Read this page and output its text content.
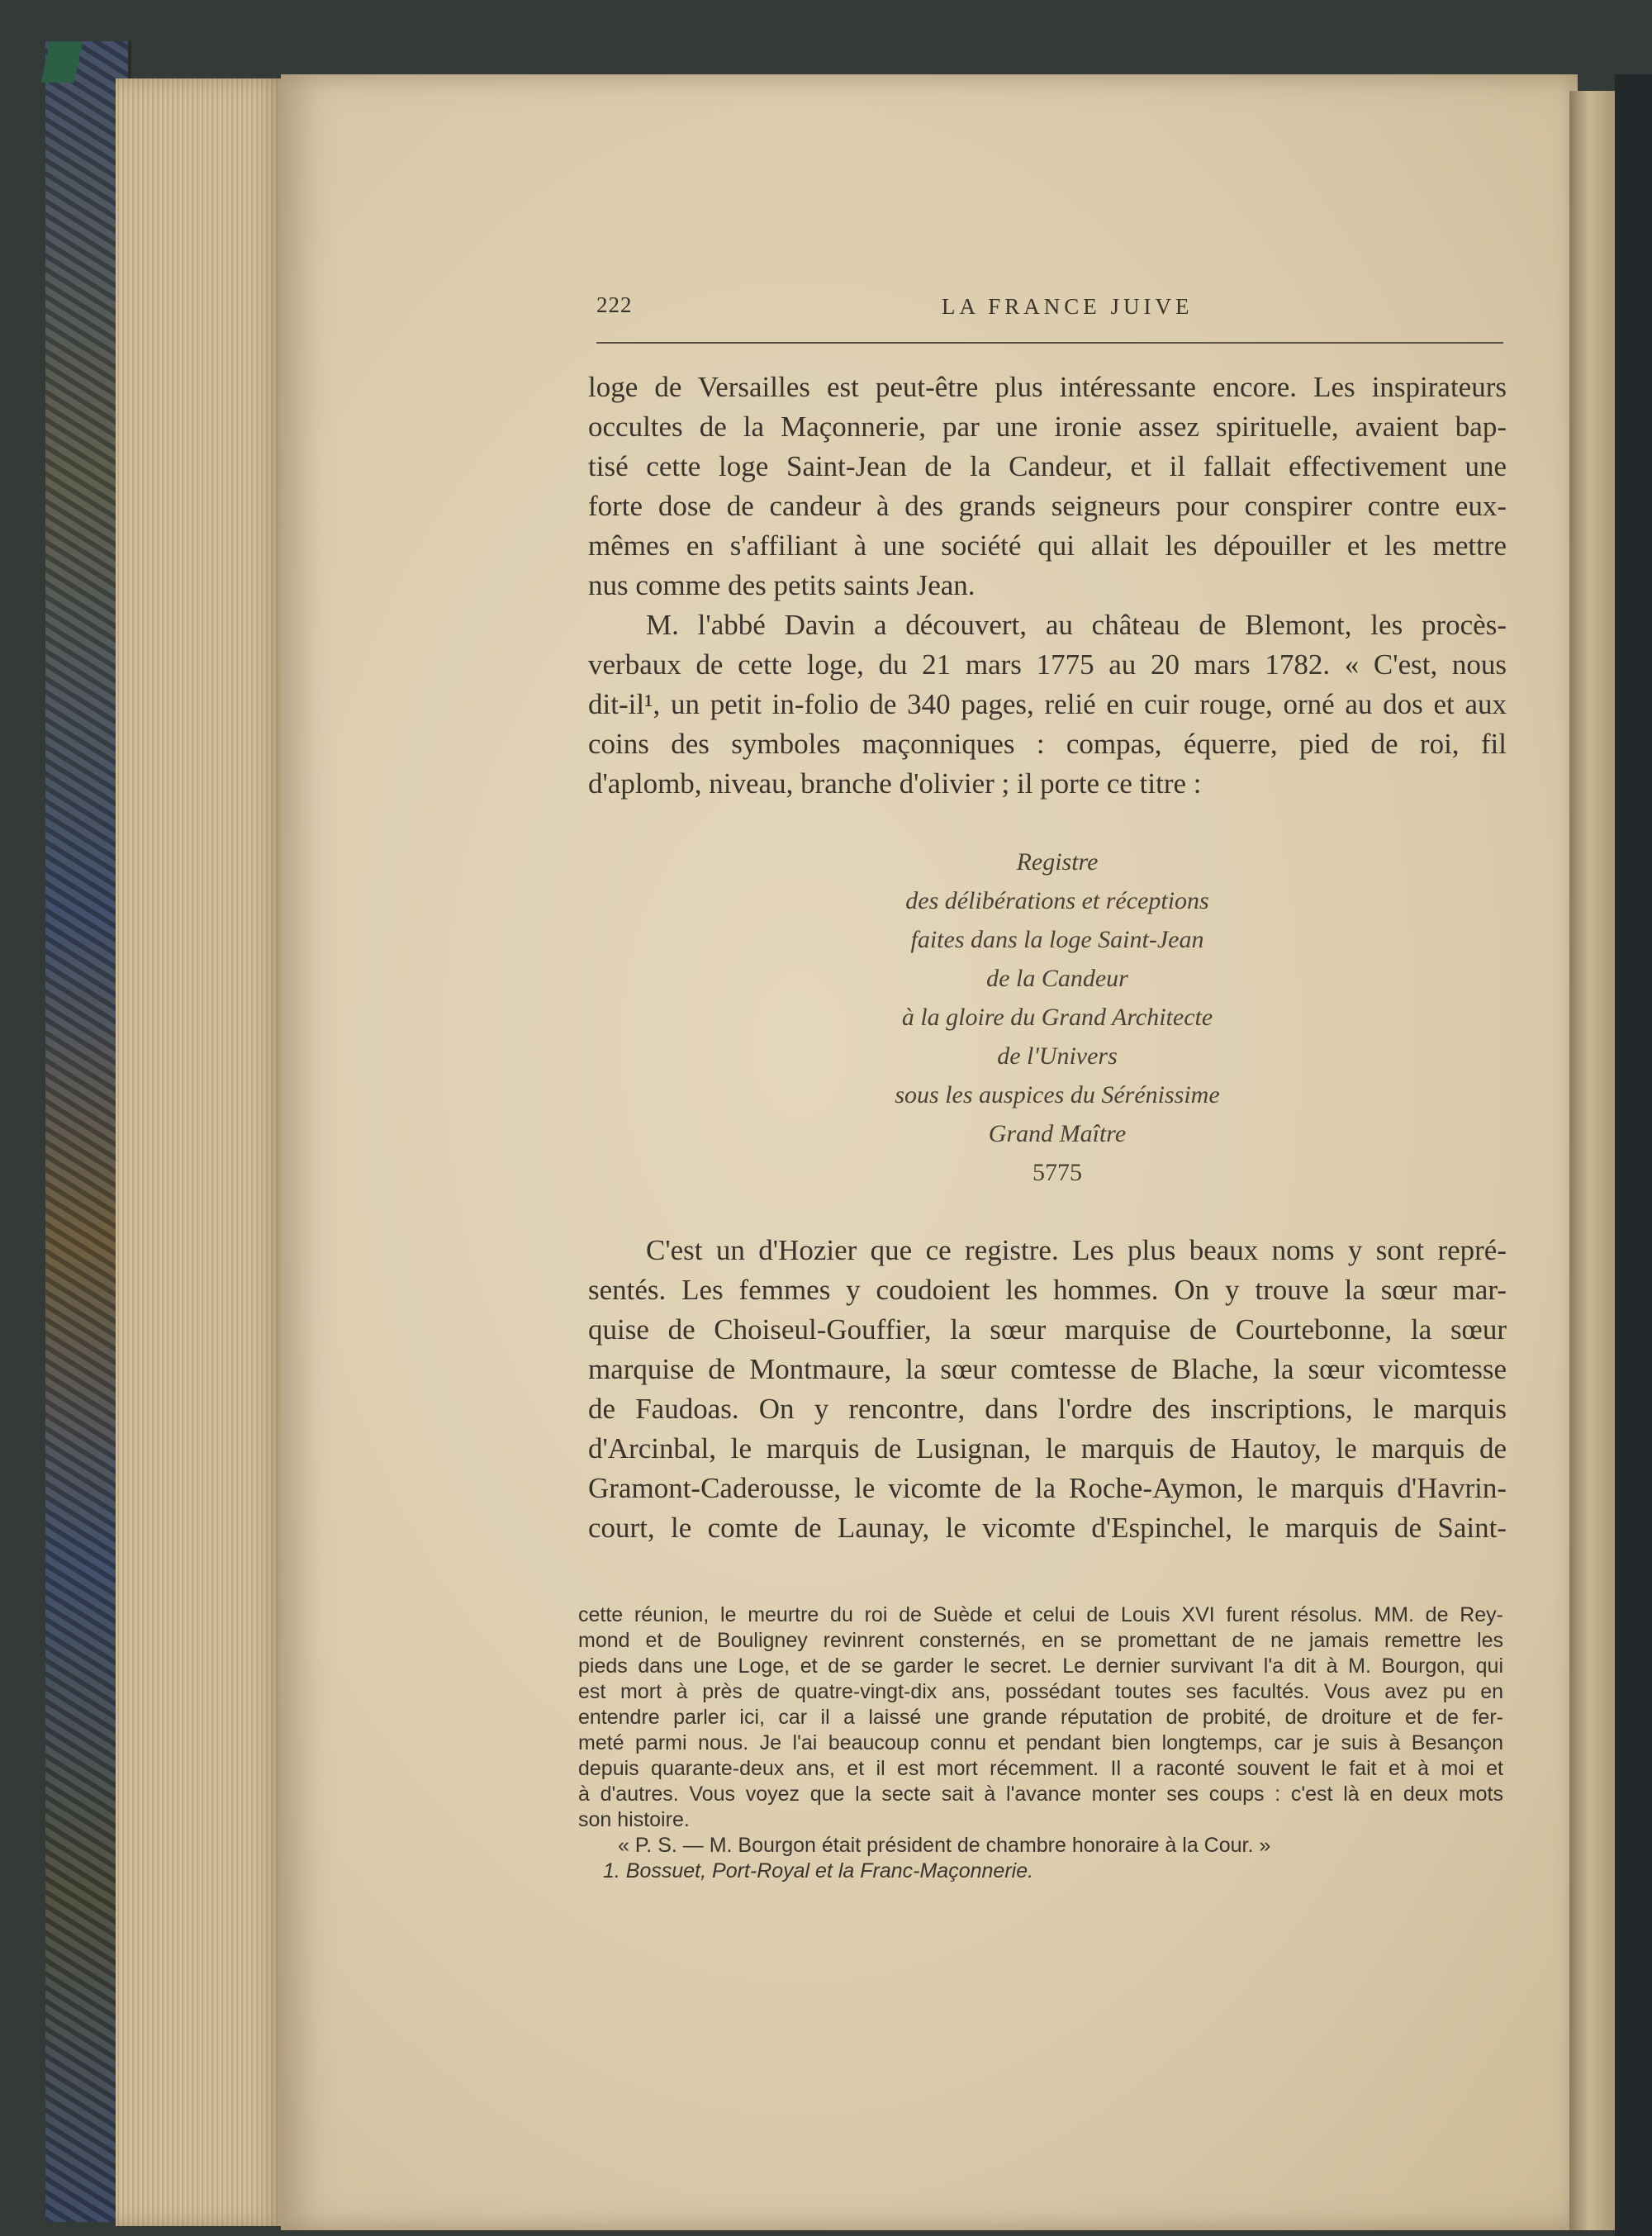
222	LA FRANCE JUIVE
loge de Versailles est peut-être plus intéressante encore. Les inspirateurs
occultes de la Maçonnerie, par une ironie assez spirituelle, avaient bap-
tisé cette loge Saint-Jean de la Candeur, et il fallait effectivement une
forte dose de candeur à des grands seigneurs pour conspirer contre eux-
mêmes en s'affiliant à une société qui allait les dépouiller et les mettre
nus comme des petits saints Jean.
M. l'abbé Davin a découvert, au château de Blemont, les procès-
verbaux de cette loge, du 21 mars 1775 au 20 mars 1782. « C'est, nous
dit-il¹, un petit in-folio de 340 pages, relié en cuir rouge, orné au dos et aux
coins des symboles maçonniques : compas, équerre, pied de roi, fil
d'aplomb, niveau, branche d'olivier ; il porte ce titre :
Registre
des délibérations et réceptions
faites dans la loge Saint-Jean
de la Candeur
à la gloire du Grand Architecte
de l'Univers
sous les auspices du Sérénissime
Grand Maître
5775
C'est un d'Hozier que ce registre. Les plus beaux noms y sont repré-
sentés. Les femmes y coudoient les hommes. On y trouve la sœur mar-
quise de Choiseul-Gouffier, la sœur marquise de Courtebonne, la sœur
marquise de Montmaure, la sœur comtesse de Blache, la sœur vicomtesse
de Faudoas. On y rencontre, dans l'ordre des inscriptions, le marquis
d'Arcinbal, le marquis de Lusignan, le marquis de Hautoy, le marquis de
Gramont-Caderousse, le vicomte de la Roche-Aymon, le marquis d'Havrin-
court, le comte de Launay, le vicomte d'Espinchel, le marquis de Saint-
cette réunion, le meurtre du roi de Suède et celui de Louis XVI furent résolus. MM. de Rey-
mond et de Bouligney revinrent consternés, en se promettant de ne jamais remettre les
pieds dans une Loge, et de se garder le secret. Le dernier survivant l'a dit à M. Bourgon, qui
est mort à près de quatre-vingt-dix ans, possédant toutes ses facultés. Vous avez pu en
entendre parler ici, car il a laissé une grande réputation de probité, de droiture et de fer-
meté parmi nous. Je l'ai beaucoup connu et pendant bien longtemps, car je suis à Besançon
depuis quarante-deux ans, et il est mort récemment. Il a raconté souvent le fait et à moi et
à d'autres. Vous voyez que la secte sait à l'avance monter ses coups : c'est là en deux mots
son histoire.
« P. S. — M. Bourgon était président de chambre honoraire à la Cour. »
1. Bossuet, Port-Royal et la Franc-Maçonnerie.
